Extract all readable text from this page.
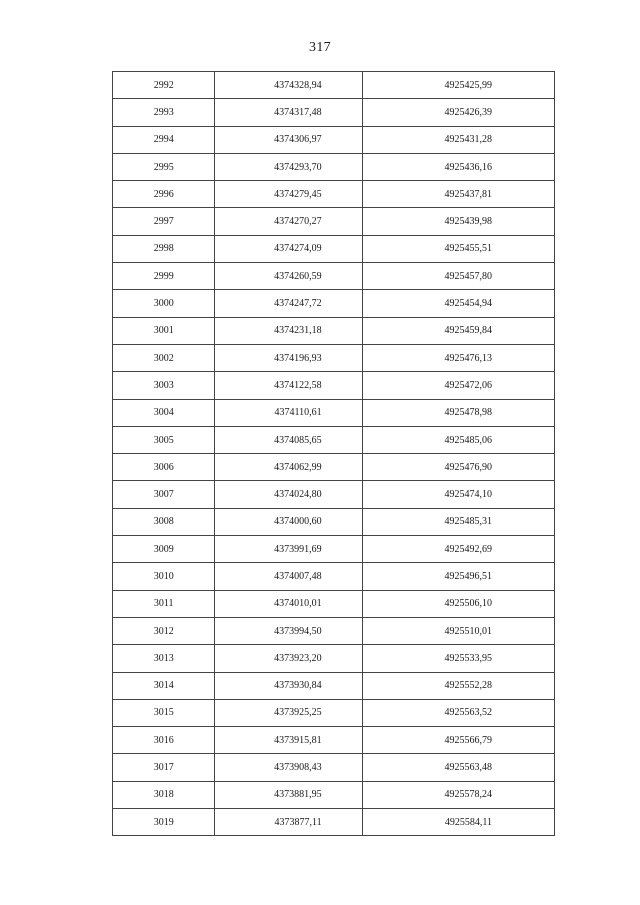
317
2992	4374328,94	4925425,99
2993	4374317,48	4925426,39
2994	4374306,97	4925431,28
2995	4374293,70	4925436,16
2996	4374279,45	4925437,81
2997	4374270,27	4925439,98
2998	4374274,09	4925455,51
2999	4374260,59	4925457,80
3000	4374247,72	4925454,94
3001	4374231,18	4925459,84
3002	4374196,93	4925476,13
3003	4374122,58	4925472,06
3004	4374110,61	4925478,98
3005	4374085,65	4925485,06
3006	4374062,99	4925476,90
3007	4374024,80	4925474,10
3008	4374000,60	4925485,31
3009	4373991,69	4925492,69
3010	4374007,48	4925496,51
3011	4374010,01	4925506,10
3012	4373994,50	4925510,01
3013	4373923,20	4925533,95
3014	4373930,84	4925552,28
3015	4373925,25	4925563,52
3016	4373915,81	4925566,79
3017	4373908,43	4925563,48
3018	4373881,95	4925578,24
3019	4373877,11	4925584,11
